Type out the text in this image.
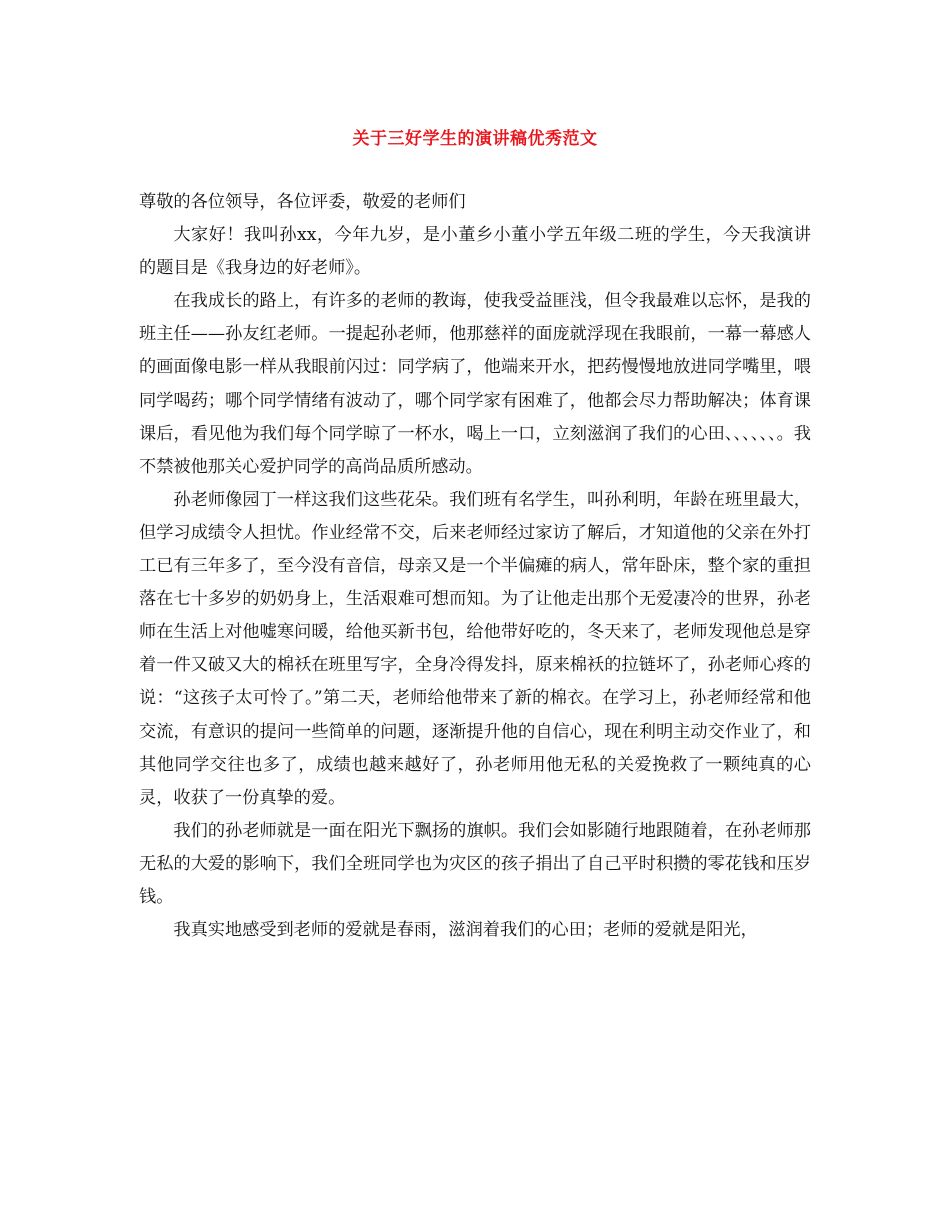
关于三好学生的演讲稿优秀范文

尊敬的各位领导，各位评委，敬爱的老师们

大家好！我叫孙xx，今年九岁，是小董乡小董小学五年级二班的学生，今天我演讲的题目是《我身边的好老师》。

在我成长的路上，有许多的老师的教诲，使我受益匪浅，但令我最难以忘怀，是我的班主任——孙友红老师。一提起孙老师，他那慈祥的面庞就浮现在我眼前，一幕一幕感人的画面像电影一样从我眼前闪过：同学病了，他端来开水，把药慢慢地放进同学嘴里，喂同学喝药；哪个同学情绪有波动了，哪个同学家有困难了，他都会尽力帮助解决；体育课课后，看见他为我们每个同学晾了一杯水，喝上一口，立刻滋润了我们的心田、、、、、、。我不禁被他那关心爱护同学的高尚品质所感动。

孙老师像园丁一样这我们这些花朵。我们班有名学生，叫孙利明，年龄在班里最大，但学习成绩令人担忧。作业经常不交，后来老师经过家访了解后，才知道他的父亲在外打工已有三年多了，至今没有音信，母亲又是一个半偏瘫的病人，常年卧床，整个家的重担落在七十多岁的奶奶身上，生活艰难可想而知。为了让他走出那个无爱凄冷的世界，孙老师在生活上对他嘘寒问暖，给他买新书包，给他带好吃的，冬天来了，老师发现他总是穿着一件又破又大的棉袄在班里写字，全身冷得发抖，原来棉袄的拉链坏了，孙老师心疼的说：“这孩子太可怜了。”第二天，老师给他带来了新的棉衣。在学习上，孙老师经常和他交流，有意识的提问一些简单的问题，逐渐提升他的自信心，现在利明主动交作业了，和其他同学交往也多了，成绩也越来越好了，孙老师用他无私的关爱挽救了一颗纯真的心灵，收获了一份真挚的爱。

我们的孙老师就是一面在阳光下飘扬的旗帜。我们会如影随行地跟随着，在孙老师那无私的大爱的影响下，我们全班同学也为灾区的孩子捐出了自己平时积攒的零花钱和压岁钱。

我真实地感受到老师的爱就是春雨，滋润着我们的心田；老师的爱就是阳光，
